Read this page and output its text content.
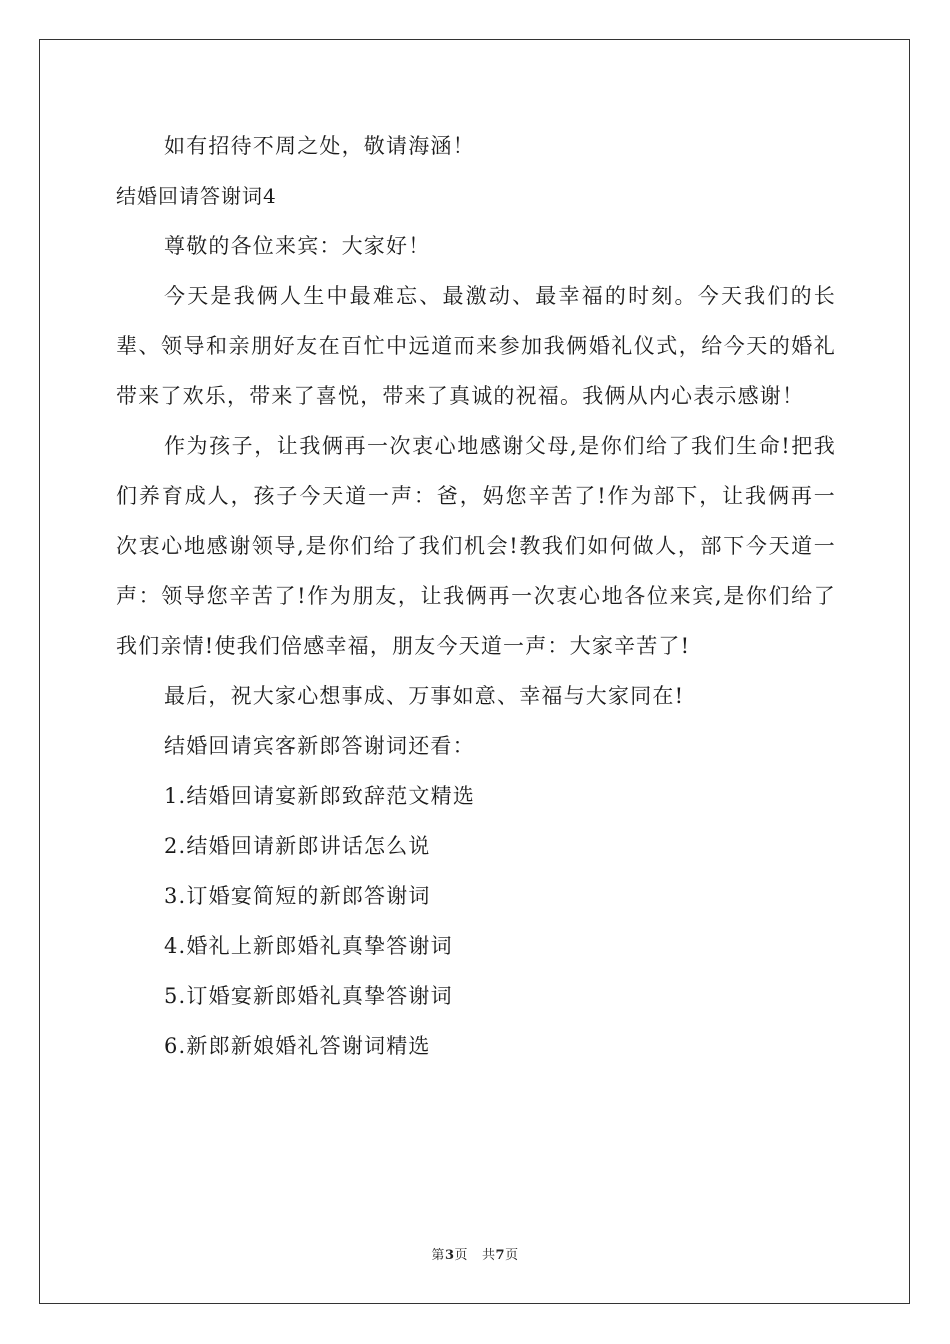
如有招待不周之处，敬请海涵！

结婚回请答谢词4

尊敬的各位来宾：大家好！

今天是我俩人生中最难忘、最激动、最幸福的时刻。今天我们的长辈、领导和亲朋好友在百忙中远道而来参加我俩婚礼仪式，给今天的婚礼带来了欢乐，带来了喜悦，带来了真诚的祝福。我俩从内心表示感谢！

作为孩子，让我俩再一次衷心地感谢父母,是你们给了我们生命!把我们养育成人，孩子今天道一声：爸，妈您辛苦了!作为部下，让我俩再一次衷心地感谢领导,是你们给了我们机会!教我们如何做人，部下今天道一声：领导您辛苦了!作为朋友，让我俩再一次衷心地各位来宾,是你们给了我们亲情!使我们倍感幸福，朋友今天道一声：大家辛苦了!

最后，祝大家心想事成、万事如意、幸福与大家同在!

结婚回请宾客新郎答谢词还看：

1.结婚回请宴新郎致辞范文精选

2.结婚回请新郎讲话怎么说

3.订婚宴简短的新郎答谢词

4.婚礼上新郎婚礼真挚答谢词

5.订婚宴新郎婚礼真挚答谢词

6.新郎新娘婚礼答谢词精选

第3页 共7页
